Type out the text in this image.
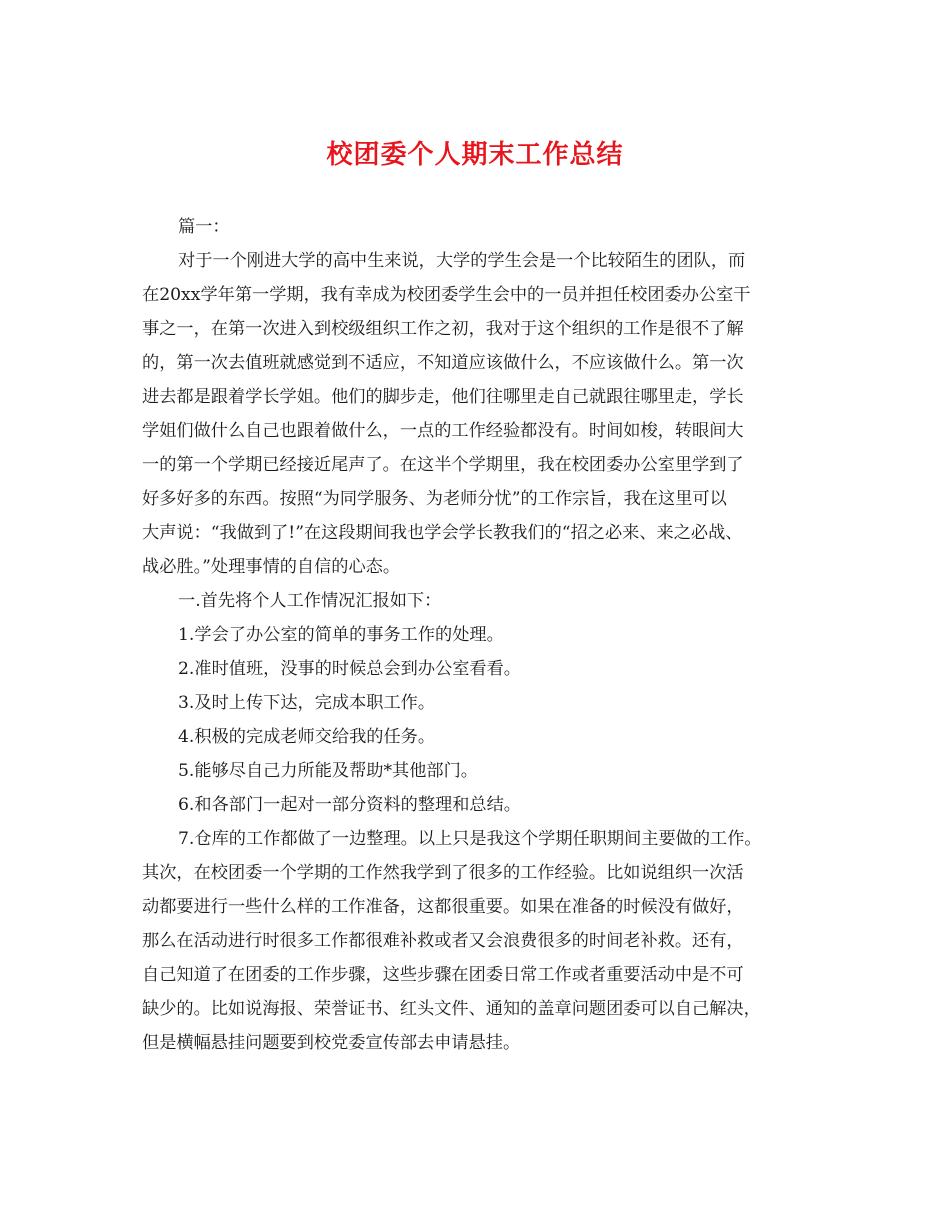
校团委个人期末工作总结
篇一：
对于一个刚进大学的高中生来说，大学的学生会是一个比较陌生的团队，而
在20xx学年第一学期，我有幸成为校团委学生会中的一员并担任校团委办公室干
事之一，在第一次进入到校级组织工作之初，我对于这个组织的工作是很不了解
的，第一次去值班就感觉到不适应，不知道应该做什么，不应该做什么。第一次
进去都是跟着学长学姐。他们的脚步走，他们往哪里走自己就跟往哪里走，学长
学姐们做什么自己也跟着做什么，一点的工作经验都没有。时间如梭，转眼间大
一的第一个学期已经接近尾声了。在这半个学期里，我在校团委办公室里学到了
好多好多的东西。按照“为同学服务、为老师分忧”的工作宗旨，我在这里可以
大声说：“我做到了!”在这段期间我也学会学长教我们的“招之必来、来之必战、
战必胜。”处理事情的自信的心态。
一.首先将个人工作情况汇报如下：
1.学会了办公室的简单的事务工作的处理。
2.准时值班，没事的时候总会到办公室看看。
3.及时上传下达，完成本职工作。
4.积极的完成老师交给我的任务。
5.能够尽自己力所能及帮助*其他部门。
6.和各部门一起对一部分资料的整理和总结。
7.仓库的工作都做了一边整理。以上只是我这个学期任职期间主要做的工作。
其次，在校团委一个学期的工作然我学到了很多的工作经验。比如说组织一次活
动都要进行一些什么样的工作准备，这都很重要。如果在准备的时候没有做好，
那么在活动进行时很多工作都很难补救或者又会浪费很多的时间老补救。还有，
自己知道了在团委的工作步骤，这些步骤在团委日常工作或者重要活动中是不可
缺少的。比如说海报、荣誉证书、红头文件、通知的盖章问题团委可以自己解决，
但是横幅悬挂问题要到校党委宣传部去申请悬挂。
